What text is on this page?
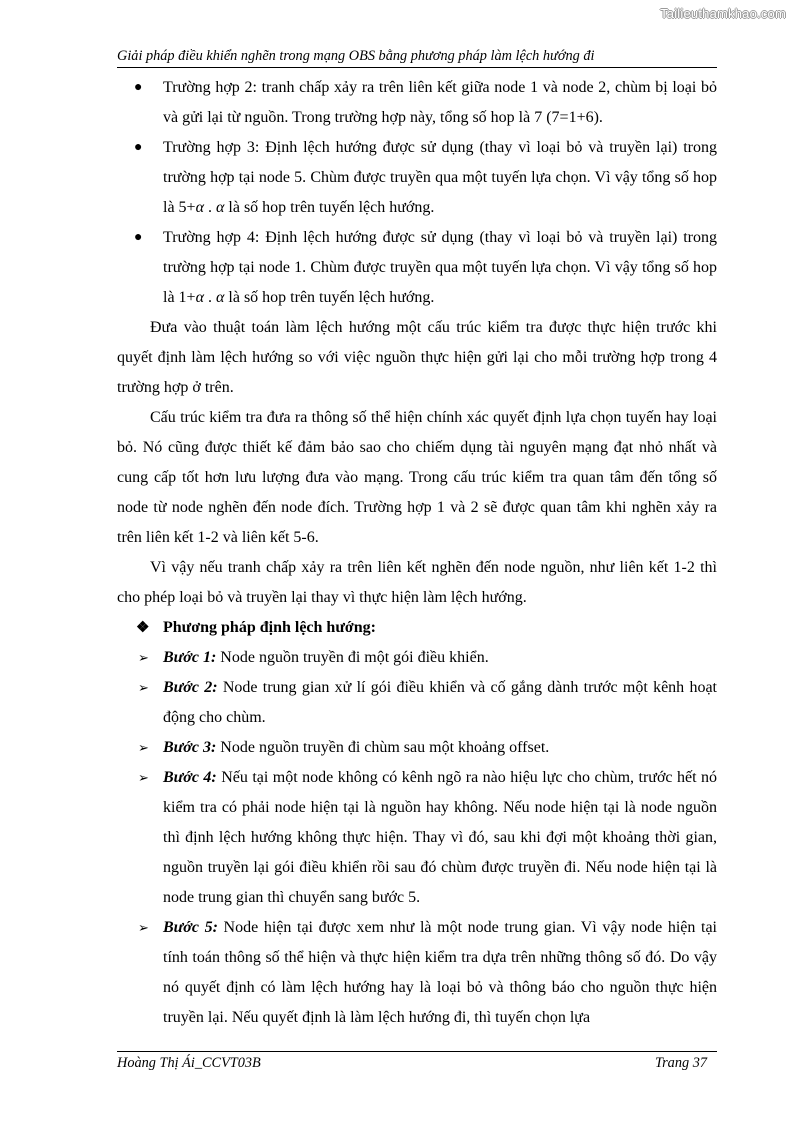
Tailieuthamkhao.com
Giải pháp điều khiển nghẽn trong mạng OBS bằng phương pháp làm lệch hướng đi
●	Trường hợp 2: tranh chấp xảy ra trên liên kết giữa node 1 và node 2, chùm bị loại bỏ và gửi lại từ nguồn. Trong trường hợp này, tổng số hop là 7 (7=1+6).
●	Trường hợp 3: Định lệch hướng được sử dụng (thay vì loại bỏ và truyền lại) trong trường hợp tại node 5. Chùm được truyền qua một tuyến lựa chọn. Vì vậy tổng số hop là 5+α . α là số hop trên tuyến lệch hướng.
●	Trường hợp 4: Định lệch hướng được sử dụng (thay vì loại bỏ và truyền lại) trong trường hợp tại node 1. Chùm được truyền qua một tuyến lựa chọn. Vì vậy tổng số hop là 1+α . α là số hop trên tuyến lệch hướng.

Đưa vào thuật toán làm lệch hướng một cấu trúc kiểm tra được thực hiện trước khi quyết định làm lệch hướng so với việc nguồn thực hiện gửi lại cho mỗi trường hợp trong 4 trường hợp ở trên.

Cấu trúc kiểm tra đưa ra thông số thể hiện chính xác quyết định lựa chọn tuyến hay loại bỏ. Nó cũng được thiết kế đảm bảo sao cho chiếm dụng tài nguyên mạng đạt nhỏ nhất và cung cấp tốt hơn lưu lượng đưa vào mạng. Trong cấu trúc kiểm tra quan tâm đến tổng số node từ node nghẽn đến node đích. Trường hợp 1 và 2 sẽ được quan tâm khi nghẽn xảy ra trên liên kết 1-2 và liên kết 5-6.

Vì vậy nếu tranh chấp xảy ra trên liên kết nghẽn đến node nguồn, như liên kết 1-2 thì cho phép loại bỏ và truyền lại thay vì thực hiện làm lệch hướng.

❖ Phương pháp định lệch hướng:
➢ Bước 1: Node nguồn truyền đi một gói điều khiển.
➢ Bước 2: Node trung gian xử lí gói điều khiển và cố gắng dành trước một kênh hoạt động cho chùm.
➢ Bước 3: Node nguồn truyền đi chùm sau một khoảng offset.
➢ Bước 4: Nếu tại một node không có kênh ngõ ra nào hiệu lực cho chùm, trước hết nó kiểm tra có phải node hiện tại là nguồn hay không. Nếu node hiện tại là node nguồn thì định lệch hướng không thực hiện. Thay vì đó, sau khi đợi một khoảng thời gian, nguồn truyền lại gói điều khiển rồi sau đó chùm được truyền đi. Nếu node hiện tại là node trung gian thì chuyển sang bước 5.
➢ Bước 5: Node hiện tại được xem như là một node trung gian. Vì vậy node hiện tại tính toán thông số thể hiện và thực hiện kiểm tra dựa trên những thông số đó. Do vậy nó quyết định có làm lệch hướng hay là loại bỏ và thông báo cho nguồn thực hiện truyền lại. Nếu quyết định là làm lệch hướng đi, thì tuyến chọn lựa
Hoàng Thị Ái_CCVT03B	Trang 37
